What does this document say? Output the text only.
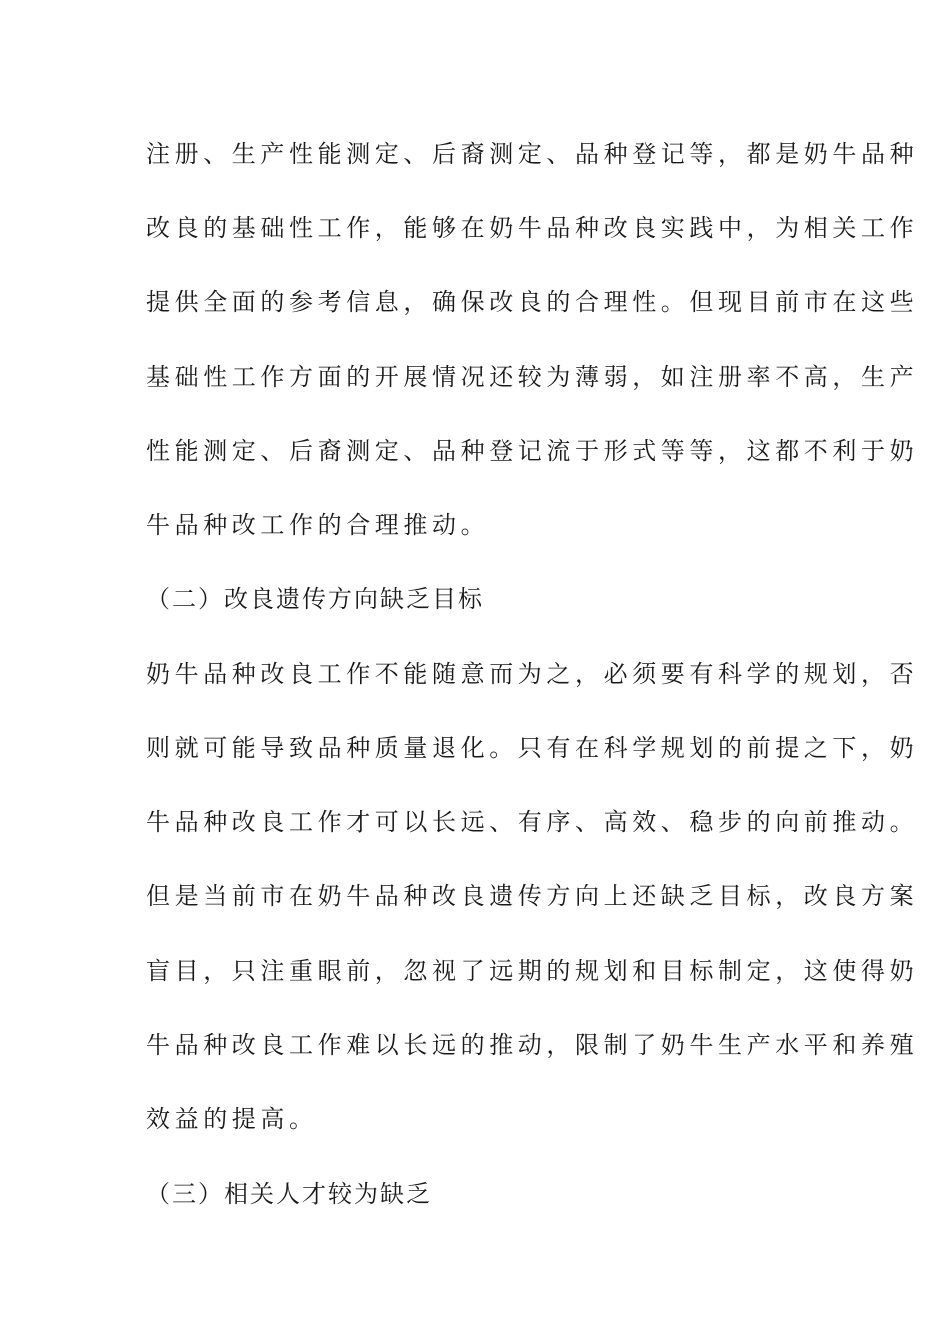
注册、生产性能测定、后裔测定、品种登记等，都是奶牛品种
改良的基础性工作，能够在奶牛品种改良实践中，为相关工作
提供全面的参考信息，确保改良的合理性。但现目前市在这些
基础性工作方面的开展情况还较为薄弱，如注册率不高，生产
性能测定、后裔测定、品种登记流于形式等等，这都不利于奶
牛品种改工作的合理推动。
（二）改良遗传方向缺乏目标
奶牛品种改良工作不能随意而为之，必须要有科学的规划，否
则就可能导致品种质量退化。只有在科学规划的前提之下，奶
牛品种改良工作才可以长远、有序、高效、稳步的向前推动。
但是当前市在奶牛品种改良遗传方向上还缺乏目标，改良方案
盲目，只注重眼前，忽视了远期的规划和目标制定，这使得奶
牛品种改良工作难以长远的推动，限制了奶牛生产水平和养殖
效益的提高。
（三）相关人才较为缺乏
